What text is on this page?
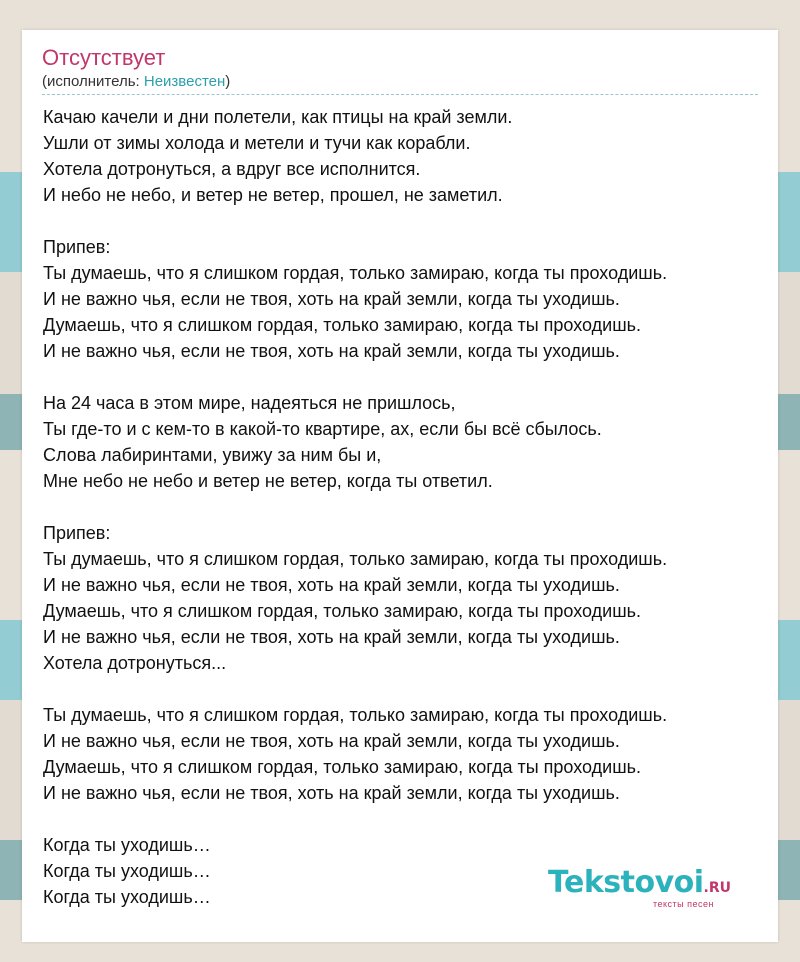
Отсутствует
(исполнитель: Неизвестен)
Качаю качели и дни полетели, как птицы на край земли.
Ушли от зимы холода и метели и тучи как корабли.
Хотела дотронуться, а вдруг все исполнится.
И небо не небо, и ветер не ветер, прошел, не заметил.
Припев:
Ты думаешь, что я слишком гордая, только замираю, когда ты проходишь.
И не важно чья, если не твоя, хоть на край земли, когда ты уходишь.
Думаешь, что я слишком гордая, только замираю, когда ты проходишь.
И не важно чья, если не твоя, хоть на край земли, когда ты уходишь.
На 24 часа в этом мире, надеяться не пришлось,
Ты где-то и с кем-то в какой-то квартире, ах, если бы всё сбылось.
Слова лабиринтами, увижу за ним бы и,
Мне небо не небо и ветер не ветер, когда ты ответил.
Припев:
Ты думаешь, что я слишком гордая, только замираю, когда ты проходишь.
И не важно чья, если не твоя, хоть на край земли, когда ты уходишь.
Думаешь, что я слишком гордая, только замираю, когда ты проходишь.
И не важно чья, если не твоя, хоть на край земли, когда ты уходишь.
Хотела дотронуться...
Ты думаешь, что я слишком гордая, только замираю, когда ты проходишь.
И не важно чья, если не твоя, хоть на край земли, когда ты уходишь.
Думаешь, что я слишком гордая, только замираю, когда ты проходишь.
И не важно чья, если не твоя, хоть на край земли, когда ты уходишь.
Когда ты уходишь…
Когда ты уходишь…
Когда ты уходишь…	Tekstovoi.RU
тексты песен
